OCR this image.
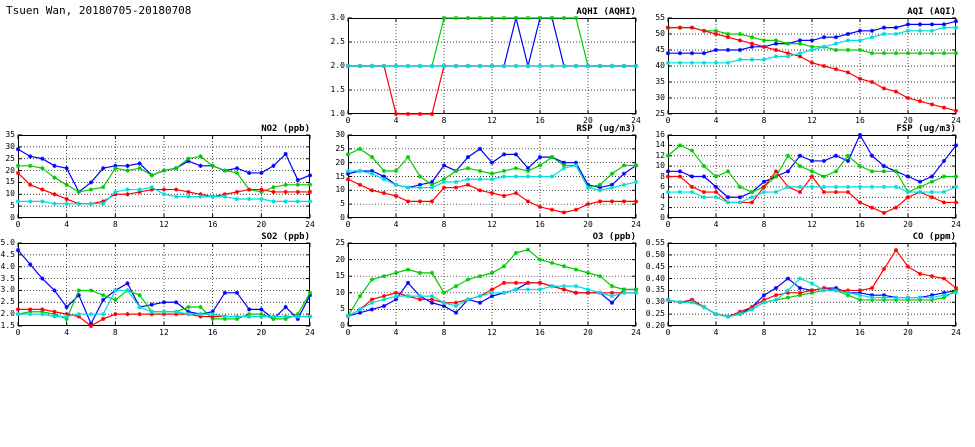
Tsuen Wan, 20180705-20180708	AQHI (AQHI)
1.0
1.5
2.0
2.5
3.0
0	4	8	12	16	20	24
AQI (AQI)
25
30
35
40
45
50
55
0	4	8	12	16	20	24
NO2 (ppb)
0
5
10
15
20
25
30
35
0	4	8	12	16	20	24
RSP (ug/m3)
0
5
10
15
20
25
30
0	4	8	12	16	20	24
FSP (ug/m3)
0
2
4
6
8
10
12
14
16
0	4	8	12	16	20	24
SO2 (ppb)
1.5
2.0
2.5
3.0
3.5
4.0
4.5
5.0
0	4	8	12	16	20	24
O3 (ppb)
0
5
10
15
20
25
0	4	8	12	16	20	24
CO (ppm)
0.20
0.25
0.30
0.35
0.40
0.45
0.50
0.55
0	4	8	12	16	20	24
